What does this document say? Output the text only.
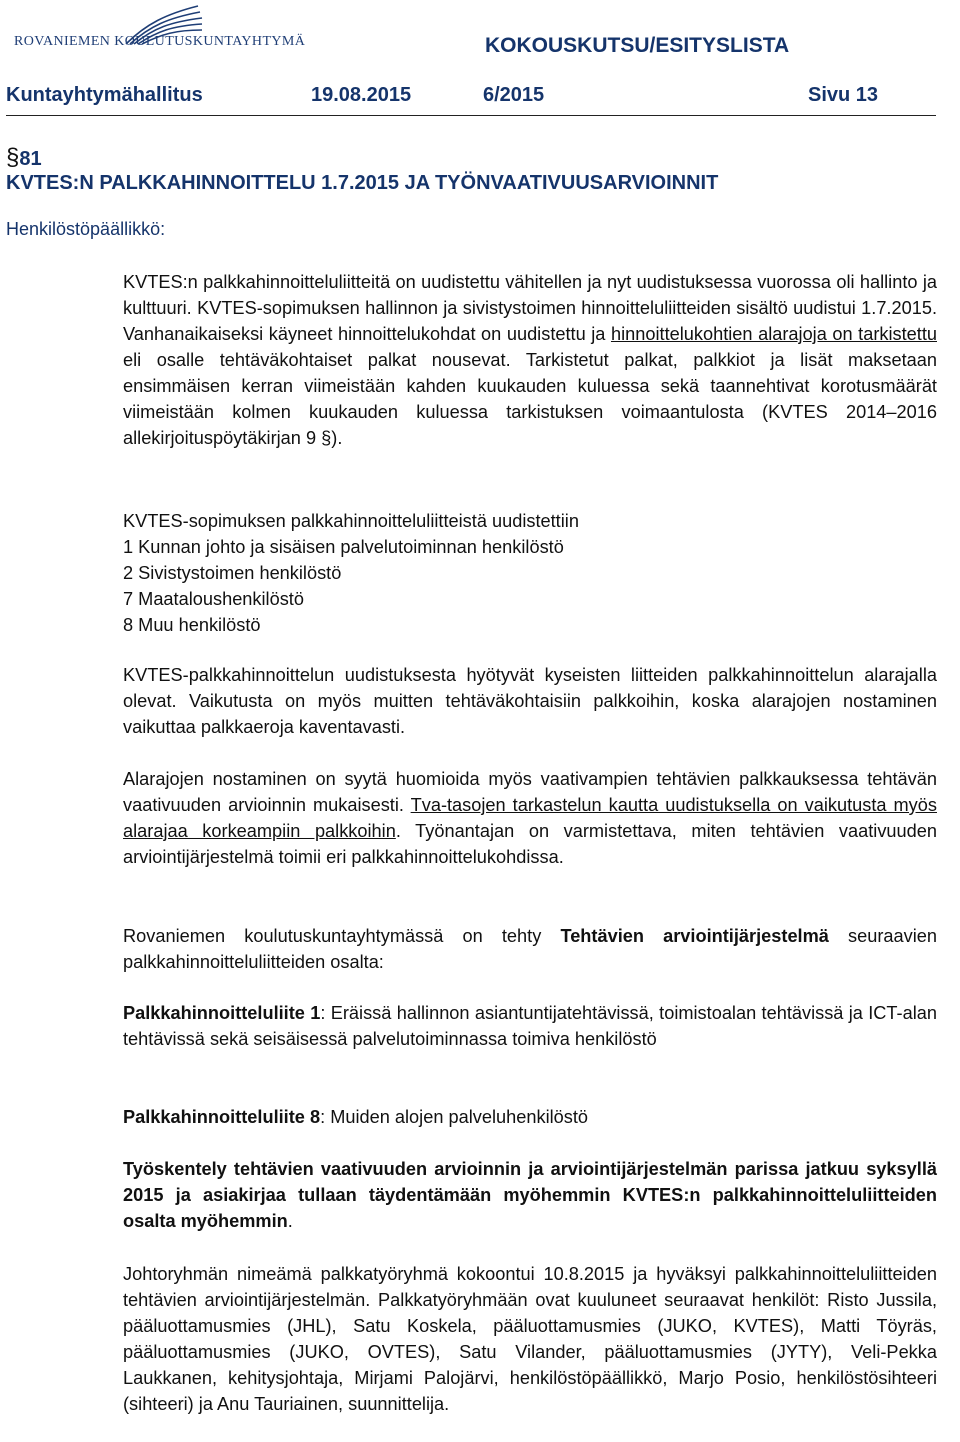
ROVANIEMEN KOULUTUSKUNTAYHTYMÄ	KOKOUSKUTSU/ESITYSLISTA
Kuntayhtymähallitus	19.08.2015	6/2015	Sivu 13
§81
KVTES:N PALKKAHINNOITTELU 1.7.2015 JA TYÖNVAATIVUUSARVIOINNIT
Henkilöstöpäällikkö:

KVTES:n palkkahinnoitteluliitteitä on uudistettu vähitellen ja nyt uudistuksessa vuorossa oli hallinto ja kulttuuri. KVTES-sopimuksen hallinnon ja sivistystoimen hinnoitteluliitteiden sisältö uudistui 1.7.2015. Vanhanaikaiseksi käyneet hinnoittelukohdat on uudistettu ja hinnoittelukohtien alarajoja on tarkistettu eli osalle tehtäväkohtaiset palkat nousevat. Tarkistetut palkat, palkkiot ja lisät maksetaan ensimmäisen kerran viimeistään kahden kuukauden kuluessa sekä taannehtivat korotusmäärät viimeistään kolmen kuukauden kuluessa tarkistuksen voimaantulosta (KVTES 2014–2016 allekirjoituspöytäkirjan 9 §).

KVTES-sopimuksen palkkahinnoitteluliitteistä uudistettiin

1 Kunnan johto ja sisäisen palvelutoiminnan henkilöstö

2 Sivistystoimen henkilöstö

7 Maataloushenkilöstö

8 Muu henkilöstö

KVTES-palkkahinnoittelun uudistuksesta hyötyvät kyseisten liitteiden palkkahinnoittelun alarajalla olevat. Vaikutusta on myös muitten tehtäväkohtaisiin palkkoihin, koska alarajojen nostaminen vaikuttaa palkkaeroja kaventavasti.

Alarajojen nostaminen on syytä huomioida myös vaativampien tehtävien palkkauksessa tehtävän vaativuuden arvioinnin mukaisesti. Tva-tasojen tarkastelun kautta uudistuksella on vaikutusta myös alarajaa korkeampiin palkkoihin. Työnantajan on varmistettava, miten tehtävien vaativuuden arviointijärjestelmä toimii eri palkkahinnoittelukohdissa.

Rovaniemen koulutuskuntayhtymässä on tehty Tehtävien arviointijärjestelmä seuraavien palkkahinnoitteluliitteiden osalta:

Palkkahinnoitteluliite 1: Eräissä hallinnon asiantuntijatehtävissä, toimistoalan tehtävissä ja ICT-alan tehtävissä sekä seisäisessä palvelutoiminnassa toimiva henkilöstö

Palkkahinnoitteluliite 8: Muiden alojen palveluhenkilöstö

Työskentely tehtävien vaativuuden arvioinnin ja arviointijärjestelmän parissa jatkuu syksyllä 2015 ja asiakirjaa tullaan täydentämään myöhemmin KVTES:n palkkahinnoitteluliitteiden osalta myöhemmin.

Johtoryhmän nimeämä palkkatyöryhmä kokoontui 10.8.2015 ja hyväksyi palkkahinnoitteluliitteiden tehtävien arviointijärjestelmän. Palkkatyöryhmään ovat kuuluneet seuraavat henkilöt: Risto Jussila, pääluottamusmies (JHL), Satu Koskela, pääluottamusmies (JUKO, KVTES), Matti Töyräs, pääluottamusmies (JUKO, OVTES), Satu Vilander, pääluottamusmies (JYTY), Veli-Pekka Laukkanen, kehitysjohtaja, Mirjami Palojärvi, henkilöstöpäällikkö, Marjo Posio, henkilöstösihteeri (sihteeri) ja Anu Tauriainen, suunnittelija.
